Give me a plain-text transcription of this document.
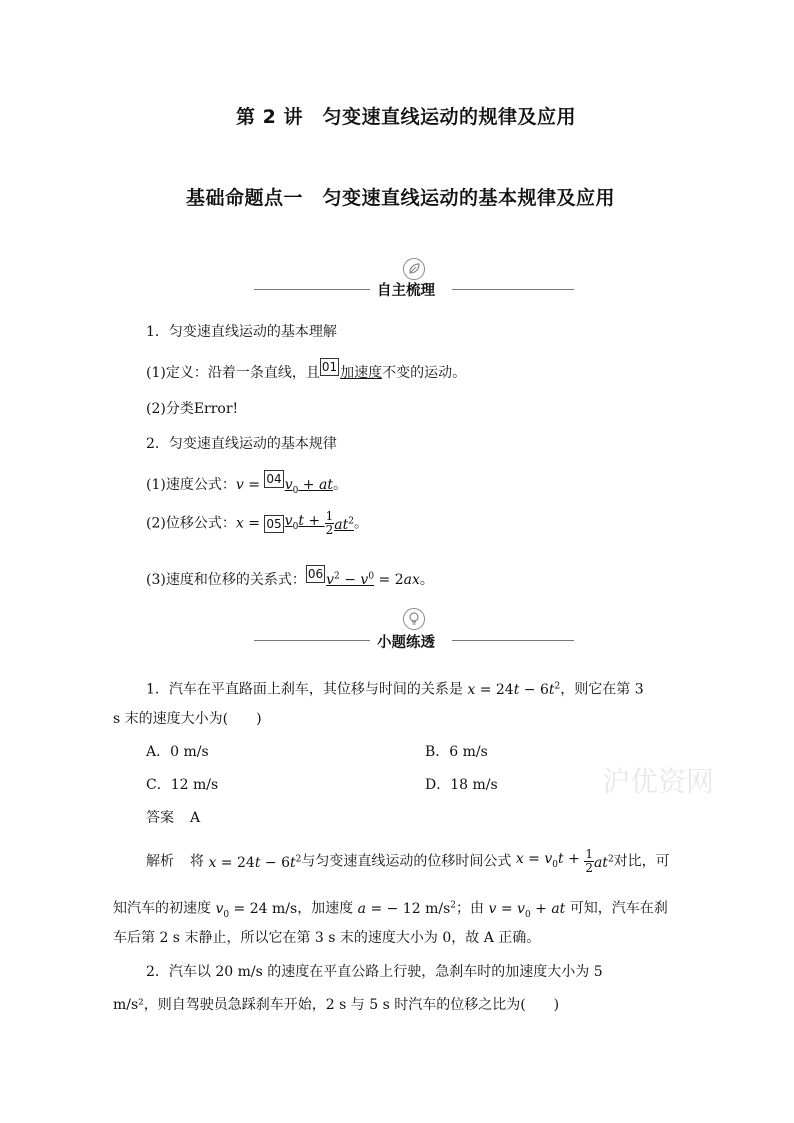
第 2 讲　匀变速直线运动的规律及应用
基础命题点一　匀变速直线运动的基本规律及应用
自主梳理
1．匀变速直线运动的基本理解
(1)定义：沿着一条直线，且 01 加速度不变的运动。
(2)分类Error!
2．匀变速直线运动的基本规律
(1)速度公式：v = 04 $v_0$ + at。
(2)位移公式：x = 05 $v_0t + \frac{1}{2} at^2$。
(3)速度和位移的关系式： 06 $v^2 - v^0 = 2ax$。
小题练透
1．汽车在平直路面上刹车，其位移与时间的关系是 $x = 24t - 6t^2$，则它在第 3
s 末的速度大小为(　　)
A．0 m/s	B．6 m/s
C．12 m/s	D．18 m/s	沪优资网
答案 A
解析 将 $x = 24t - 6t^2$与匀变速直线运动的位移时间公式 $x = v_0t + \frac{1}{2} at^2$对比，可
知汽车的初速度 $v_0 = 24$ m/s，加速度 a = − 12 $m/s^2$；由 $v = v_0$ + at 可知，汽车在刹
车后第 2 s 末静止，所以它在第 3 s 末的速度大小为 0，故 A 正确。
2．汽车以 20 m/s 的速度在平直公路上行驶，急刹车时的加速度大小为 5
m/s²，则自驾驶员急踩刹车开始，2 s 与 5 s 时汽车的位移之比为(　　)
